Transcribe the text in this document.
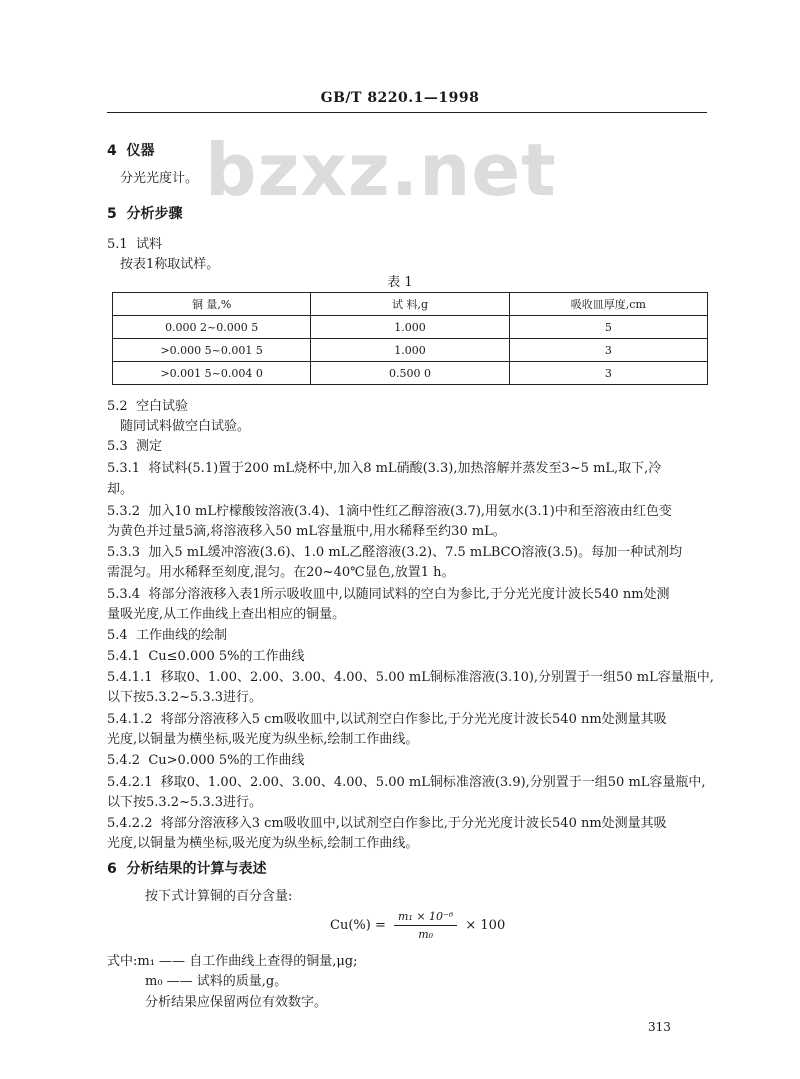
GB/T 8220.1—1998
bzxz.net
4 仪器
分光光度计。
5 分析步骤
5.1 试料
按表1称取试样。
表 1
铜 量,%	试 料,g	吸收皿厚度,cm
0.000 2~0.000 5	1.000	5
>0.000 5~0.001 5	1.000	3
>0.001 5~0.004 0	0.500 0	3
5.2 空白试验
随同试料做空白试验。
5.3 测定
5.3.1 将试料(5.1)置于200 mL烧杯中,加入8 mL硝酸(3.3),加热溶解并蒸发至3~5 mL,取下,冷
却。
5.3.2 加入10 mL柠檬酸铵溶液(3.4)、1滴中性红乙醇溶液(3.7),用氨水(3.1)中和至溶液由红色变
为黄色并过量5滴,将溶液移入50 mL容量瓶中,用水稀释至约30 mL。
5.3.3 加入5 mL缓冲溶液(3.6)、1.0 mL乙醛溶液(3.2)、7.5 mLBCO溶液(3.5)。每加一种试剂均
需混匀。用水稀释至刻度,混匀。在20~40℃显色,放置1 h。
5.3.4 将部分溶液移入表1所示吸收皿中,以随同试料的空白为参比,于分光光度计波长540 nm处测
量吸光度,从工作曲线上查出相应的铜量。
5.4 工作曲线的绘制
5.4.1 Cu≤0.000 5%的工作曲线
5.4.1.1 移取0、1.00、2.00、3.00、4.00、5.00 mL铜标准溶液(3.10),分别置于一组50 mL容量瓶中,
以下按5.3.2~5.3.3进行。
5.4.1.2 将部分溶液移入5 cm吸收皿中,以试剂空白作参比,于分光光度计波长540 nm处测量其吸
光度,以铜量为横坐标,吸光度为纵坐标,绘制工作曲线。
5.4.2 Cu>0.000 5%的工作曲线
5.4.2.1 移取0、1.00、2.00、3.00、4.00、5.00 mL铜标准溶液(3.9),分别置于一组50 mL容量瓶中,
以下按5.3.2~5.3.3进行。
5.4.2.2 将部分溶液移入3 cm吸收皿中,以试剂空白作参比,于分光光度计波长540 nm处测量其吸
光度,以铜量为横坐标,吸光度为纵坐标,绘制工作曲线。
6 分析结果的计算与表述
按下式计算铜的百分含量:
$Cu(\%) = \frac{\text{m₁ × 10⁻⁶}}{\text{m₀}} \times 100$
式中:m₁ —— 自工作曲线上查得的铜量,μg;
m₀ —— 试料的质量,g。
分析结果应保留两位有效数字。
313
